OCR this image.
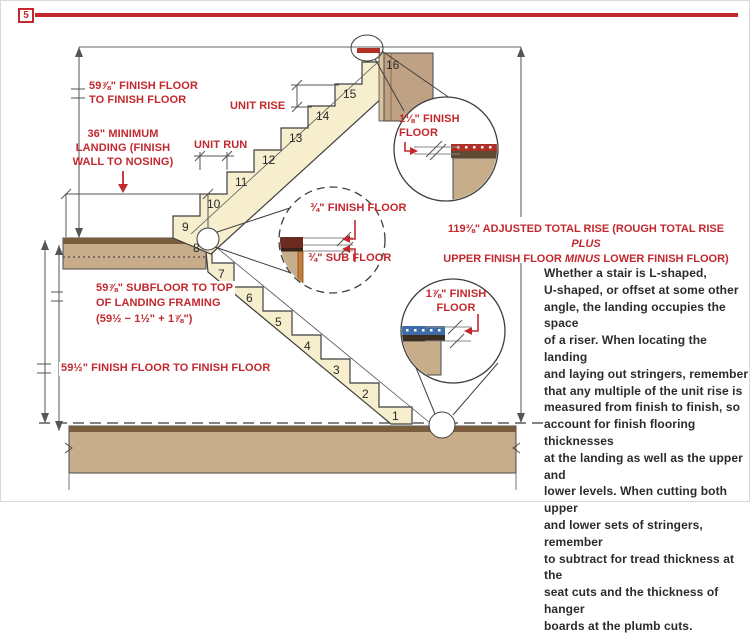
5
59⅞" FINISH FLOOR
TO FINISH FLOOR
36" MINIMUM
LANDING (FINISH
WALL TO NOSING)
UNIT RISE
UNIT RUN
1⅛" FINISH
FLOOR
¾" FINISH FLOOR
¾" SUB FLOOR
1⅞" FINISH
FLOOR
59⅞" SUBFLOOR TO TOP
OF LANDING FRAMING
(59½ − 1½" + 1⅞")
59½" FINISH FLOOR TO FINISH FLOOR
119⅜" ADJUSTED TOTAL RISE (ROUGH TOTAL RISE PLUS
UPPER FINISH FLOOR MINUS LOWER FINISH FLOOR)
1
2
3
4
5
6
7
8
9
10
11
12
13
14
15
16
Whether a stair is L-shaped,
U-shaped, or offset at some other
angle, the landing occupies the space
of a riser. When locating the landing
and laying out stringers, remember
that any multiple of the unit rise is
measured from finish to finish, so
account for finish flooring thicknesses
at the landing as well as the upper and
lower levels. When cutting both upper
and lower sets of stringers, remember
to subtract for tread thickness at the
seat cuts and the thickness of hanger
boards at the plumb cuts.
